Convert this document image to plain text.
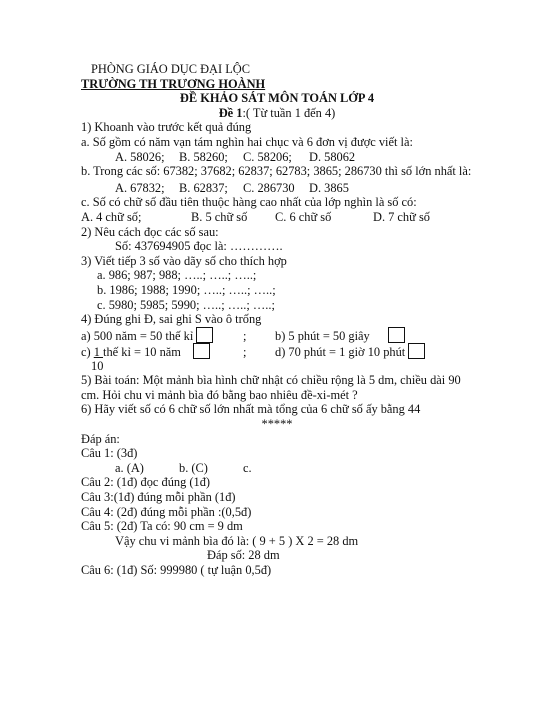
PHÒNG GIÁO DỤC ĐẠI LỘC
TRƯỜNG TH TRƯƠNG HOÀNH
ĐỀ KHẢO SÁT MÔN TOÁN LỚP 4
Đề 1:( Từ tuần 1 đến 4)
1) Khoanh vào trước kết quả đúng
a. Số gồm có năm vạn tám nghìn hai chục và 6 đơn vị được viết là:
A. 58026; B. 58260; C. 58206; D. 58062
b. Trong các số: 67382; 37682; 62837; 62783; 3865; 286730 thì số lớn nhất là:
A. 67832; B. 62837; C. 286730 D. 3865
c. Số có chữ số đầu tiên thuộc hàng cao nhất của lớp nghìn là số có:
A. 4 chữ số;	B. 5 chữ số C. 6 chữ số	D. 7 chữ số
2) Nêu cách đọc các số sau:
Số: 437694905 đọc là: ………….
3) Viết tiếp 3 số vào dãy số cho thích hợp
a. 986; 987; 988; …..; …..; …..;
b. 1986; 1988; 1990; …..; …..; …..;
c. 5980; 5985; 5990; …..; …..; …..;
4) Đúng ghi Đ, sai ghi S vào ô trống
a) 500 năm = 50 thế kỉ	; b) 5 phút = 50 giây
c) 1 thế kỉ = 10 năm	; d) 70 phút = 1 giờ 10 phút
10
5) Bài toán: Một mảnh bìa hình chữ nhật có chiều rộng là 5 dm, chiều dài 90 cm. Hỏi chu vi mảnh bìa đó bằng bao nhiêu đề-xi-mét ?
6) Hãy viết số có 6 chữ số lớn nhất mà tổng của 6 chữ số ấy bằng 44
*****
Đáp án:
Câu 1: (3đ)
a. (A)	b. (C)	c.
Câu 2: (1đ) đọc đúng (1đ)
Câu 3:(1đ) đúng mỗi phần (1đ)
Câu 4: (2đ) đúng mỗi phần :(0,5đ)
Câu 5: (2đ) Ta có: 90 cm = 9 dm
Vậy chu vi mảnh bìa đó là: ( 9 + 5 ) X 2 = 28 dm
Đáp số: 28 dm
Câu 6: (1đ) Số: 999980 ( tự luận 0,5đ)
